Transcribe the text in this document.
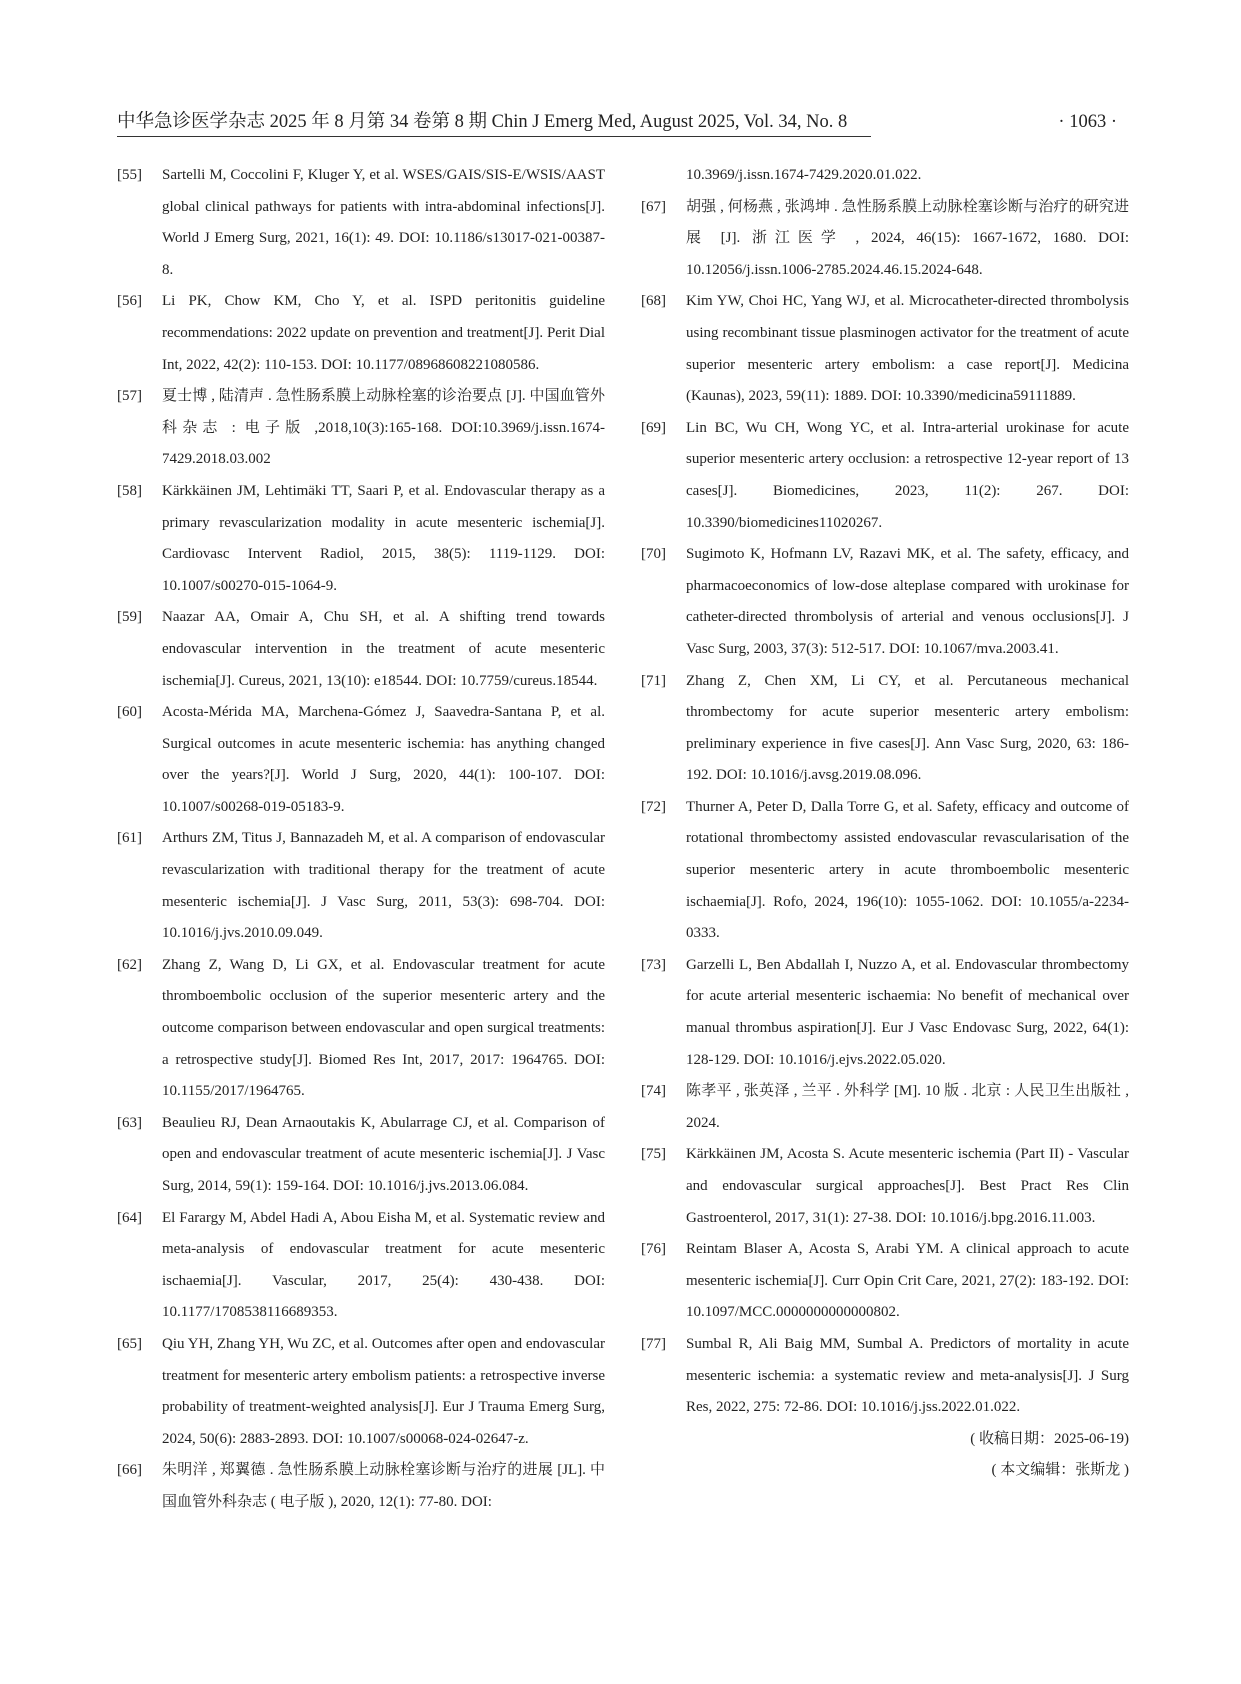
中华急诊医学杂志 2025 年 8 月第 34 卷第 8 期 Chin J Emerg Med, August 2025, Vol. 34, No. 8	· 1063 ·
[55] Sartelli M, Coccolini F, Kluger Y, et al. WSES/GAIS/SIS-E/WSIS/AAST global clinical pathways for patients with intra-abdominal infections[J]. World J Emerg Surg, 2021, 16(1): 49. DOI: 10.1186/s13017-021-00387-8.
[56] Li PK, Chow KM, Cho Y, et al. ISPD peritonitis guideline recommendations: 2022 update on prevention and treatment[J]. Perit Dial Int, 2022, 42(2): 110-153. DOI: 10.1177/08968608221080586.
[57] 夏士博 , 陆清声 . 急性肠系膜上动脉栓塞的诊治要点 [J]. 中国血管外科杂志 : 电子版 ,2018,10(3):165-168. DOI:10.3969/j.issn.1674-7429.2018.03.002
[58] Kärkkäinen JM, Lehtimäki TT, Saari P, et al. Endovascular therapy as a primary revascularization modality in acute mesenteric ischemia[J]. Cardiovasc Intervent Radiol, 2015, 38(5): 1119-1129. DOI: 10.1007/s00270-015-1064-9.
[59] Naazar AA, Omair A, Chu SH, et al. A shifting trend towards endovascular intervention in the treatment of acute mesenteric ischemia[J]. Cureus, 2021, 13(10): e18544. DOI: 10.7759/cureus.18544.
[60] Acosta-Mérida MA, Marchena-Gómez J, Saavedra-Santana P, et al. Surgical outcomes in acute mesenteric ischemia: has anything changed over the years?[J]. World J Surg, 2020, 44(1): 100-107. DOI: 10.1007/s00268-019-05183-9.
[61] Arthurs ZM, Titus J, Bannazadeh M, et al. A comparison of endovascular revascularization with traditional therapy for the treatment of acute mesenteric ischemia[J]. J Vasc Surg, 2011, 53(3): 698-704. DOI: 10.1016/j.jvs.2010.09.049.
[62] Zhang Z, Wang D, Li GX, et al. Endovascular treatment for acute thromboembolic occlusion of the superior mesenteric artery and the outcome comparison between endovascular and open surgical treatments: a retrospective study[J]. Biomed Res Int, 2017, 2017: 1964765. DOI: 10.1155/2017/1964765.
[63] Beaulieu RJ, Dean Arnaoutakis K, Abularrage CJ, et al. Comparison of open and endovascular treatment of acute mesenteric ischemia[J]. J Vasc Surg, 2014, 59(1): 159-164. DOI: 10.1016/j.jvs.2013.06.084.
[64] El Farargy M, Abdel Hadi A, Abou Eisha M, et al. Systematic review and meta-analysis of endovascular treatment for acute mesenteric ischaemia[J]. Vascular, 2017, 25(4): 430-438. DOI: 10.1177/1708538116689353.
[65] Qiu YH, Zhang YH, Wu ZC, et al. Outcomes after open and endovascular treatment for mesenteric artery embolism patients: a retrospective inverse probability of treatment-weighted analysis[J]. Eur J Trauma Emerg Surg, 2024, 50(6): 2883-2893. DOI: 10.1007/s00068-024-02647-z.
[66] 朱明洋 , 郑翼德 . 急性肠系膜上动脉栓塞诊断与治疗的进展 [JL]. 中国血管外科杂志 ( 电子版 ), 2020, 12(1): 77-80. DOI:
10.3969/j.issn.1674-7429.2020.01.022.
[67] 胡强 , 何杨燕 , 张鸿坤 . 急性肠系膜上动脉栓塞诊断与治疗的研究进展 [J]. 浙江医学 , 2024, 46(15): 1667-1672, 1680. DOI: 10.12056/j.issn.1006-2785.2024.46.15.2024-648.
[68] Kim YW, Choi HC, Yang WJ, et al. Microcatheter-directed thrombolysis using recombinant tissue plasminogen activator for the treatment of acute superior mesenteric artery embolism: a case report[J]. Medicina (Kaunas), 2023, 59(11): 1889. DOI: 10.3390/medicina59111889.
[69] Lin BC, Wu CH, Wong YC, et al. Intra-arterial urokinase for acute superior mesenteric artery occlusion: a retrospective 12-year report of 13 cases[J]. Biomedicines, 2023, 11(2): 267. DOI: 10.3390/biomedicines11020267.
[70] Sugimoto K, Hofmann LV, Razavi MK, et al. The safety, efficacy, and pharmacoeconomics of low-dose alteplase compared with urokinase for catheter-directed thrombolysis of arterial and venous occlusions[J]. J Vasc Surg, 2003, 37(3): 512-517. DOI: 10.1067/mva.2003.41.
[71] Zhang Z, Chen XM, Li CY, et al. Percutaneous mechanical thrombectomy for acute superior mesenteric artery embolism: preliminary experience in five cases[J]. Ann Vasc Surg, 2020, 63: 186-192. DOI: 10.1016/j.avsg.2019.08.096.
[72] Thurner A, Peter D, Dalla Torre G, et al. Safety, efficacy and outcome of rotational thrombectomy assisted endovascular revascularisation of the superior mesenteric artery in acute thromboembolic mesenteric ischaemia[J]. Rofo, 2024, 196(10): 1055-1062. DOI: 10.1055/a-2234-0333.
[73] Garzelli L, Ben Abdallah I, Nuzzo A, et al. Endovascular thrombectomy for acute arterial mesenteric ischaemia: No benefit of mechanical over manual thrombus aspiration[J]. Eur J Vasc Endovasc Surg, 2022, 64(1): 128-129. DOI: 10.1016/j.ejvs.2022.05.020.
[74] 陈孝平 , 张英泽 , 兰平 . 外科学 [M]. 10 版 . 北京 : 人民卫生出版社 , 2024.
[75] Kärkkäinen JM, Acosta S. Acute mesenteric ischemia (Part II) - Vascular and endovascular surgical approaches[J]. Best Pract Res Clin Gastroenterol, 2017, 31(1): 27-38. DOI: 10.1016/j.bpg.2016.11.003.
[76] Reintam Blaser A, Acosta S, Arabi YM. A clinical approach to acute mesenteric ischemia[J]. Curr Opin Crit Care, 2021, 27(2): 183-192. DOI: 10.1097/MCC.0000000000000802.
[77] Sumbal R, Ali Baig MM, Sumbal A. Predictors of mortality in acute mesenteric ischemia: a systematic review and meta-analysis[J]. J Surg Res, 2022, 275: 72-86. DOI: 10.1016/j.jss.2022.01.022.
( 收稿日期：2025-06-19)
( 本文编辑：张斯龙 )
